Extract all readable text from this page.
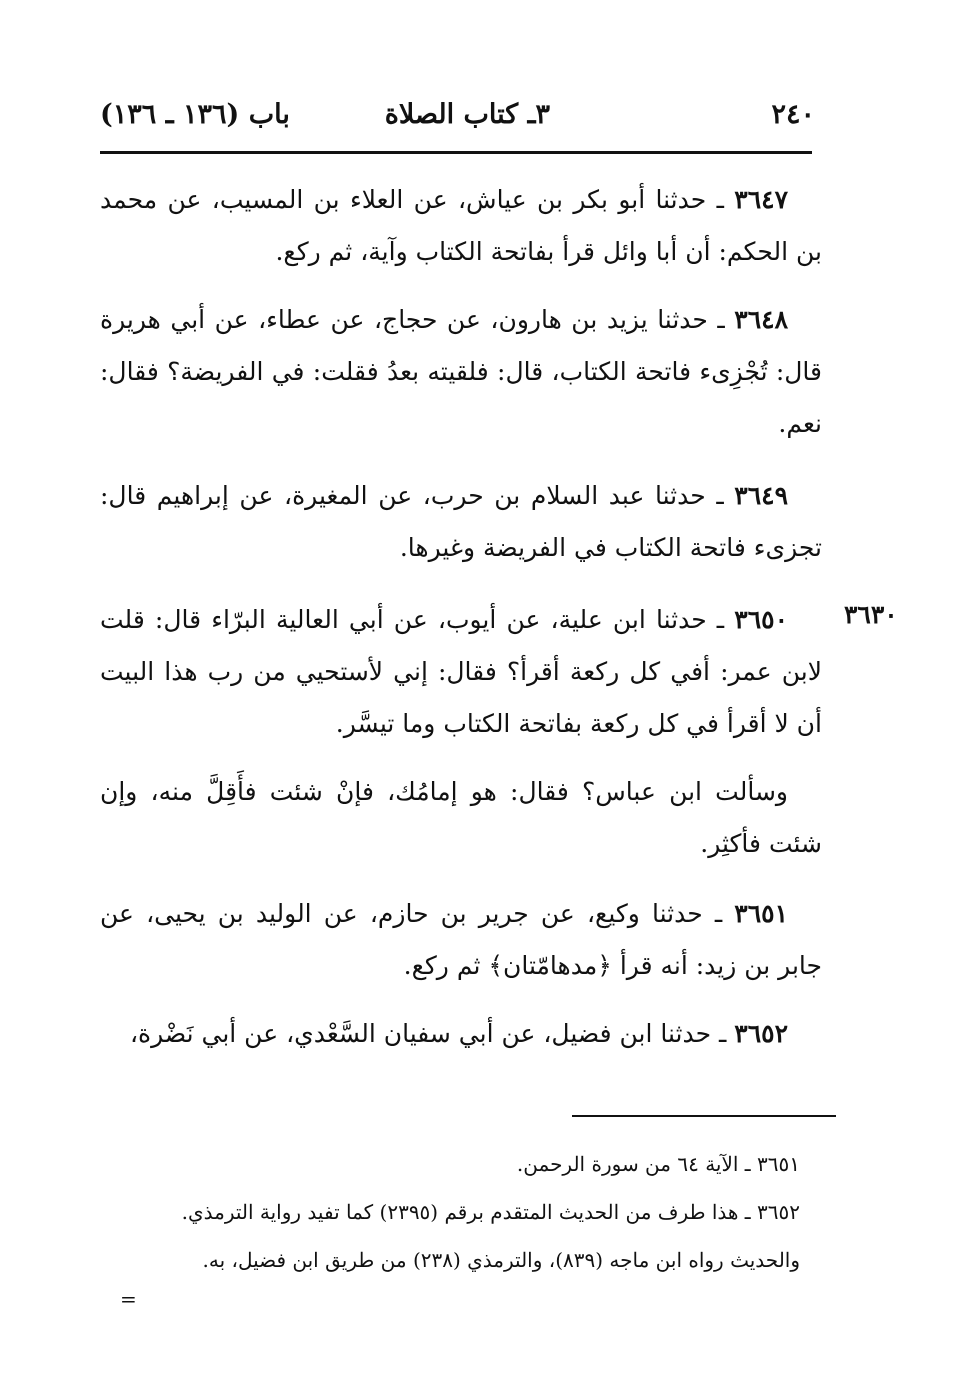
٢٤٠
٣ـ كتاب الصلاة
باب (١٣٦ ـ ١٣٦)
٣٦٣٠

٣٦٤٧ ـ حدثنا أبو بكر بن عياش، عن العلاء بن المسيب، عن محمد بن الحكم: أن أبا وائل قرأ بفاتحة الكتاب وآية، ثم ركع.

٣٦٤٨ ـ حدثنا يزيد بن هارون، عن حجاج، عن عطاء، عن أبي هريرة قال: تُجْزِىء فاتحة الكتاب، قال: فلقيته بعدُ فقلت: في الفريضة؟ فقال: نعم.

٣٦٤٩ ـ حدثنا عبد السلام بن حرب، عن المغيرة، عن إبراهيم قال: تجزىء فاتحة الكتاب في الفريضة وغيرها.

٣٦٥٠ ـ حدثنا ابن علية، عن أيوب، عن أبي العالية البرّاء قال: قلت لابن عمر: أفي كل ركعة أقرأ؟ فقال: إني لأستحيي من رب هذا البيت أن لا أقرأ في كل ركعة بفاتحة الكتاب وما تيسَّر.

وسألت ابن عباس؟ فقال: هو إمامُك، فإنْ شئت فأَقِلَّ منه، وإن شئت فأكثِر.

٣٦٥١ ـ حدثنا وكيع، عن جرير بن حازم، عن الوليد بن يحيى، عن جابر بن زيد: أنه قرأ ﴿مدهامّتان﴾ ثم ركع.

٣٦٥٢ ـ حدثنا ابن فضيل، عن أبي سفيان السَّعْدي، عن أبي نَضْرة،

٣٦٥١ ـ الآية ٦٤ من سورة الرحمن.

٣٦٥٢ ـ هذا طرف من الحديث المتقدم برقم (٢٣٩٥) كما تفيد رواية الترمذي.

والحديث رواه ابن ماجه (٨٣٩)، والترمذي (٢٣٨) من طريق ابن فضيل، به.

=
